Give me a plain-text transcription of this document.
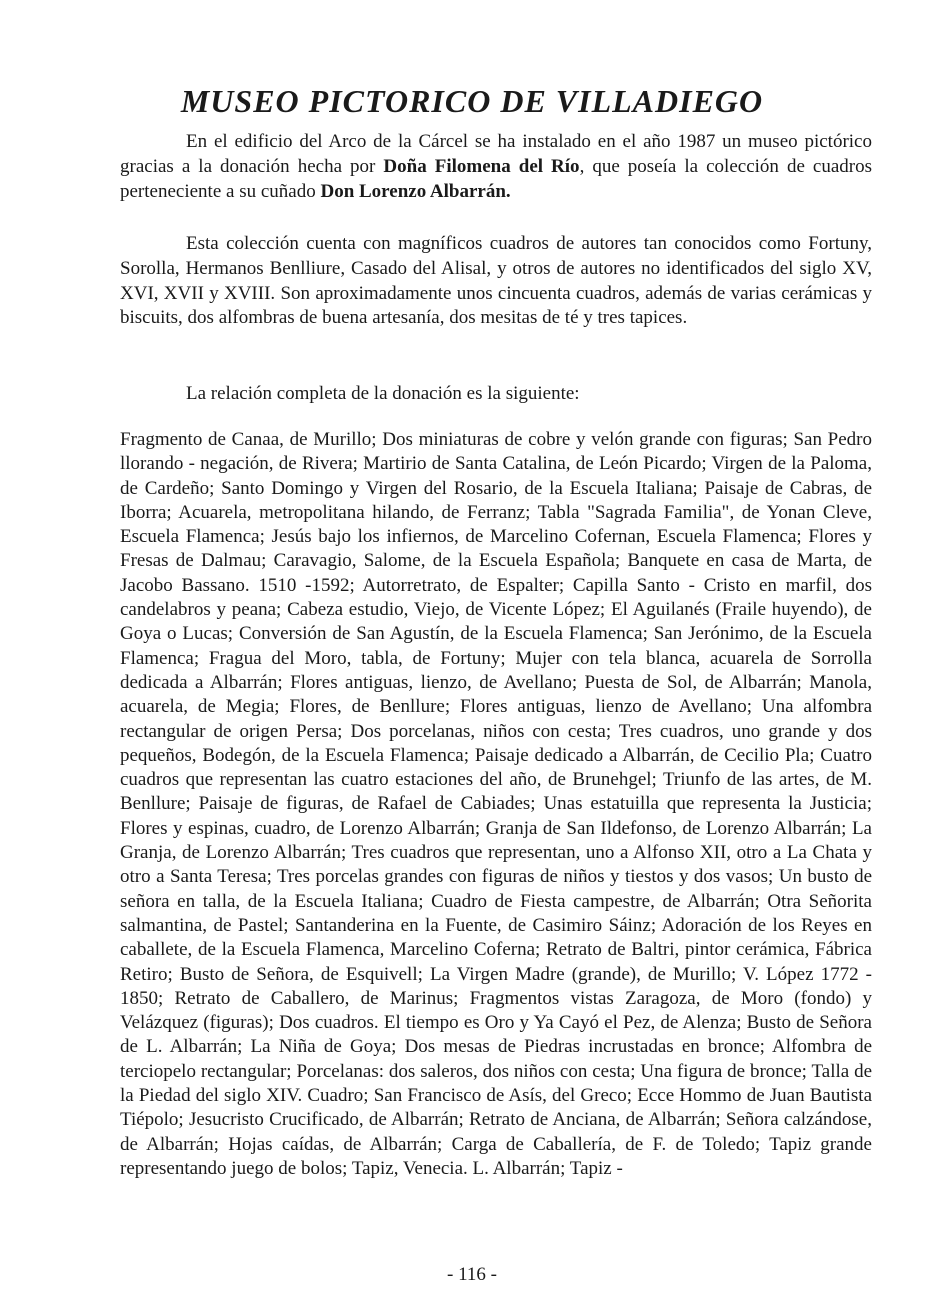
MUSEO PICTORICO DE VILLADIEGO

En el edificio del Arco de la Cárcel se ha instalado en el año 1987 un museo pictórico gracias a la donación hecha por Doña Filomena del Río, que poseía la colección de cuadros perteneciente a su cuñado Don Lorenzo Albarrán.

Esta colección cuenta con magníficos cuadros de autores tan conocidos como Fortuny, Sorolla, Hermanos Benlliure, Casado del Alisal, y otros de autores no identificados del siglo XV, XVI, XVII y XVIII. Son aproximadamente unos cincuenta cuadros, además de varias cerámicas y biscuits, dos alfombras de buena artesanía, dos mesitas de té y tres tapices.

La relación completa de la donación es la siguiente:

Fragmento de Canaa, de Murillo; Dos miniaturas de cobre y velón grande con figuras; San Pedro llorando - negación, de Rivera; Martirio de Santa Catalina, de León Picardo; Virgen de la Paloma, de Cardeño; Santo Domingo y Virgen del Rosario, de la Escuela Italiana; Paisaje de Cabras, de Iborra; Acuarela, metropolitana hilando, de Ferranz; Tabla "Sagrada Familia", de Yonan Cleve, Escuela Flamenca; Jesús bajo los infiernos, de Marcelino Cofernan, Escuela Flamenca; Flores y Fresas de Dalmau; Caravagio, Salome, de la Escuela Española; Banquete en casa de Marta, de Jacobo Bassano. 1510 -1592; Autorretrato, de Espalter; Capilla Santo - Cristo en marfil, dos candelabros y peana; Cabeza estudio, Viejo, de Vicente López; El Aguilanés (Fraile huyendo), de Goya o Lucas; Conversión de San Agustín, de la Escuela Flamenca; San Jerónimo, de la Escuela Flamenca; Fragua del Moro, tabla, de Fortuny; Mujer con tela blanca, acuarela de Sorrolla dedicada a Albarrán; Flores antiguas, lienzo, de Avellano; Puesta de Sol, de Albarrán; Manola, acuarela, de Megia; Flores, de Benllure; Flores antiguas, lienzo de Avellano; Una alfombra rectangular de origen Persa; Dos porcelanas, niños con cesta; Tres cuadros, uno grande y dos pequeños, Bodegón, de la Escuela Flamenca; Paisaje dedicado a Albarrán, de Cecilio Pla; Cuatro cuadros que representan las cuatro estaciones del año, de Brunehgel; Triunfo de las artes, de M. Benllure; Paisaje de figuras, de Rafael de Cabiades; Unas estatuilla que representa la Justicia; Flores y espinas, cuadro, de Lorenzo Albarrán; Granja de San Ildefonso, de Lorenzo Albarrán; La Granja, de Lorenzo Albarrán; Tres cuadros que representan, uno a Alfonso XII, otro a La Chata y otro a Santa Teresa; Tres porcelas grandes con figuras de niños y tiestos y dos vasos; Un busto de señora en talla, de la Escuela Italiana; Cuadro de Fiesta campestre, de Albarrán; Otra Señorita salmantina, de Pastel; Santanderina en la Fuente, de Casimiro Sáinz; Adoración de los Reyes en caballete, de la Escuela Flamenca, Marcelino Coferna; Retrato de Baltri, pintor cerámica, Fábrica Retiro; Busto de Señora, de Esquivell; La Virgen Madre (grande), de Murillo; V. López 1772 - 1850; Retrato de Caballero, de Marinus; Fragmentos vistas Zaragoza, de Moro (fondo) y Velázquez (figuras); Dos cuadros. El tiempo es Oro y Ya Cayó el Pez, de Alenza; Busto de Señora de L. Albarrán; La Niña de Goya; Dos mesas de Piedras incrustadas en bronce; Alfombra de terciopelo rectangular; Porcelanas: dos saleros, dos niños con cesta; Una figura de bronce; Talla de la Piedad del siglo XIV. Cuadro; San Francisco de Asís, del Greco; Ecce Hommo de Juan Bautista Tiépolo; Jesucristo Crucificado, de Albarrán; Retrato de Anciana, de Albarrán; Señora calzándose, de Albarrán; Hojas caídas, de Albarrán; Carga de Caballería, de F. de Toledo; Tapiz grande representando juego de bolos; Tapiz, Venecia. L. Albarrán; Tapiz -

- 116 -
